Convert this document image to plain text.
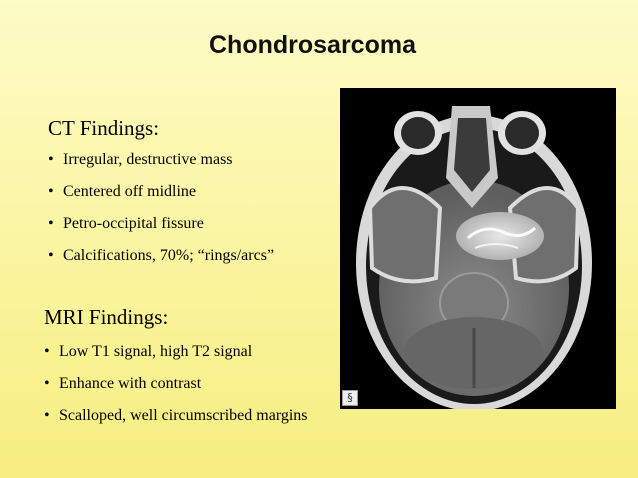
Chondrosarcoma
CT Findings:
• Irregular, destructive mass
• Centered off midline
• Petro-occipital fissure
• Calcifications, 70%; “rings/arcs”
MRI Findings:
• Low T1 signal, high T2 signal
• Enhance with contrast
• Scalloped, well circumscribed margins
§
